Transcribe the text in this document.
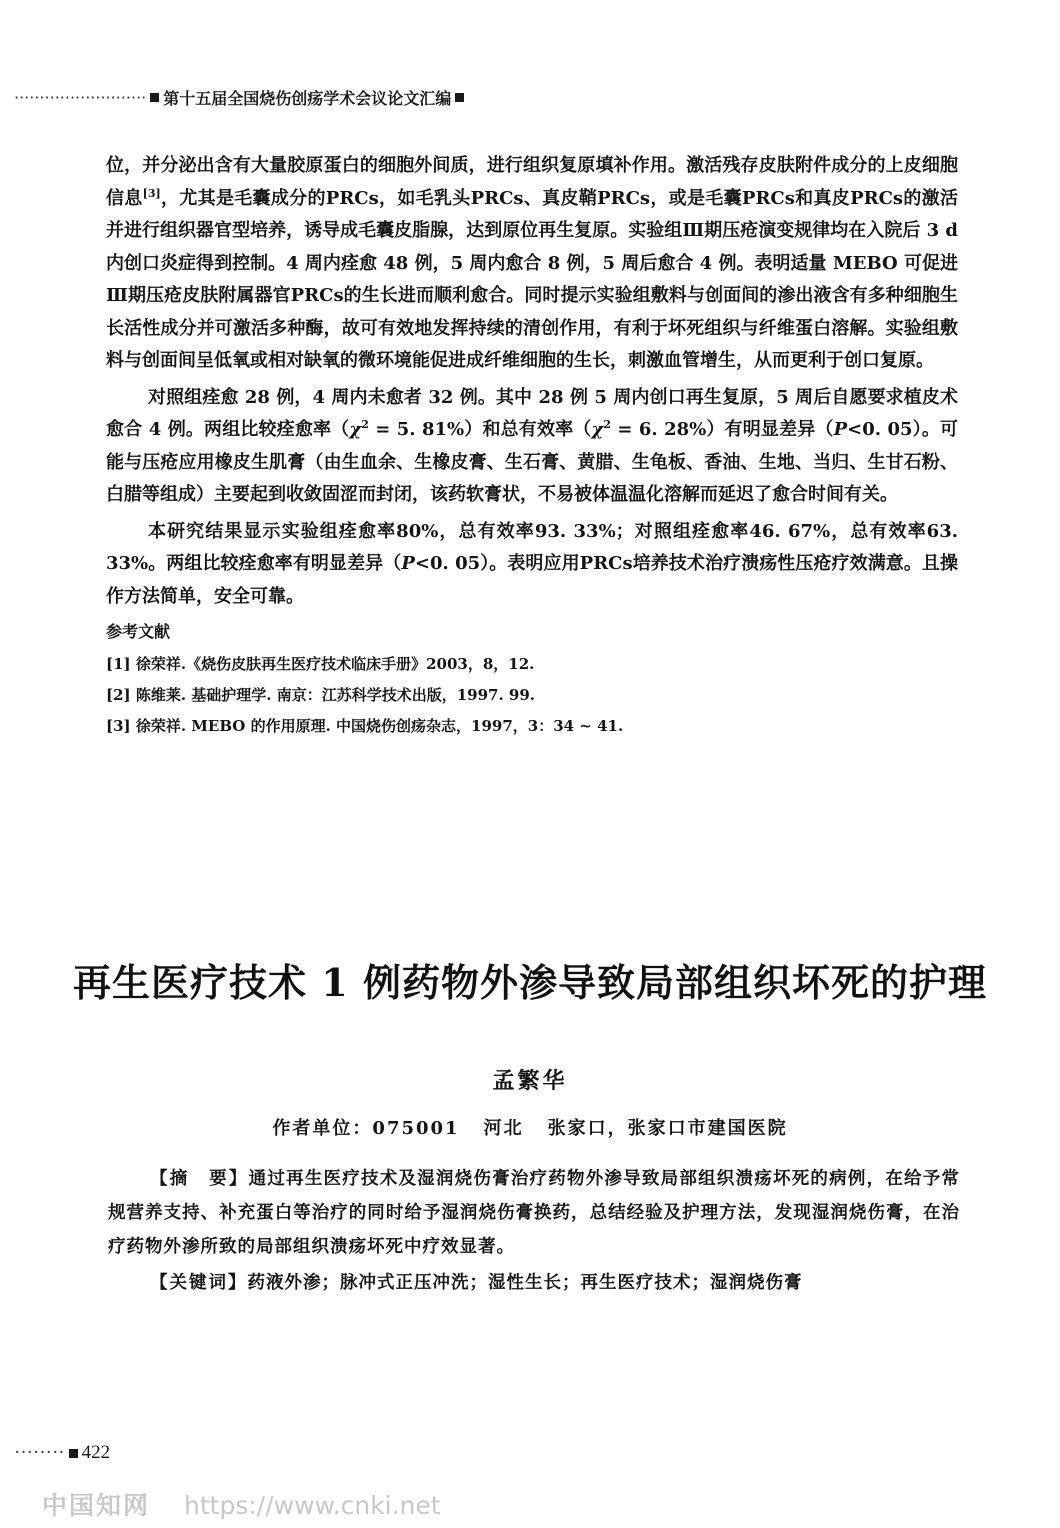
·························· 第十五届全国烧伤创疡学术会议论文汇编

位，并分泌出含有大量胶原蛋白的细胞外间质，进行组织复原填补作用。激活残存皮肤附件成分的上皮细胞信息[3]，尤其是毛囊成分的PRCs，如毛乳头PRCs、真皮鞘PRCs，或是毛囊PRCs和真皮PRCs的激活并进行组织器官型培养，诱导成毛囊皮脂腺，达到原位再生复原。实验组Ⅲ期压疮演变规律均在入院后 3 d 内创口炎症得到控制。4 周内痊愈 48 例，5 周内愈合 8 例，5 周后愈合 4 例。表明适量 MEBO 可促进Ⅲ期压疮皮肤附属器官PRCs的生长进而顺利愈合。同时提示实验组敷料与创面间的渗出液含有多种细胞生长活性成分并可激活多种酶，故可有效地发挥持续的清创作用，有利于坏死组织与纤维蛋白溶解。实验组敷料与创面间呈低氧或相对缺氧的微环境能促进成纤维细胞的生长，刺激血管增生，从而更利于创口复原。

对照组痊愈 28 例，4 周内未愈者 32 例。其中 28 例 5 周内创口再生复原，5 周后自愿要求植皮术愈合 4 例。两组比较痊愈率（$\chi^2 = 5$. 81%）和总有效率（$\chi^2 = 6$. 28%）有明显差异（P<0. 05）。可能与压疮应用橡皮生肌膏（由生血余、生橡皮膏、生石膏、黄腊、生龟板、香油、生地、当归、生甘石粉、白腊等组成）主要起到收敛固涩而封闭，该药软膏状，不易被体温温化溶解而延迟了愈合时间有关。

本研究结果显示实验组痊愈率80%，总有效率93. 33%；对照组痊愈率46. 67%，总有效率63. 33%。两组比较痊愈率有明显差异（P<0. 05）。表明应用PRCs培养技术治疗溃疡性压疮疗效满意。且操作方法简单，安全可靠。

参考文献
[1] 徐荣祥.《烧伤皮肤再生医疗技术临床手册》2003，8，12.
[2] 陈维莱. 基础护理学. 南京：江苏科学技术出版，1997. 99.
[3] 徐荣祥. MEBO 的作用原理. 中国烧伤创疡杂志，1997，3：34 ~ 41.
再生医疗技术 1 例药物外渗导致局部组织坏死的护理
孟繁华
作者单位：075001 河北 张家口，张家口市建国医院

【摘　要】通过再生医疗技术及湿润烧伤膏治疗药物外渗导致局部组织溃疡坏死的病例，在给予常规营养支持、补充蛋白等治疗的同时给予湿润烧伤膏换药，总结经验及护理方法，发现湿润烧伤膏，在治疗药物外渗所致的局部组织溃疡坏死中疗效显著。

【关键词】药液外渗；脉冲式正压冲洗；湿性生长；再生医疗技术；湿润烧伤膏

········ 422
中国知网 https://www.cnki.net
